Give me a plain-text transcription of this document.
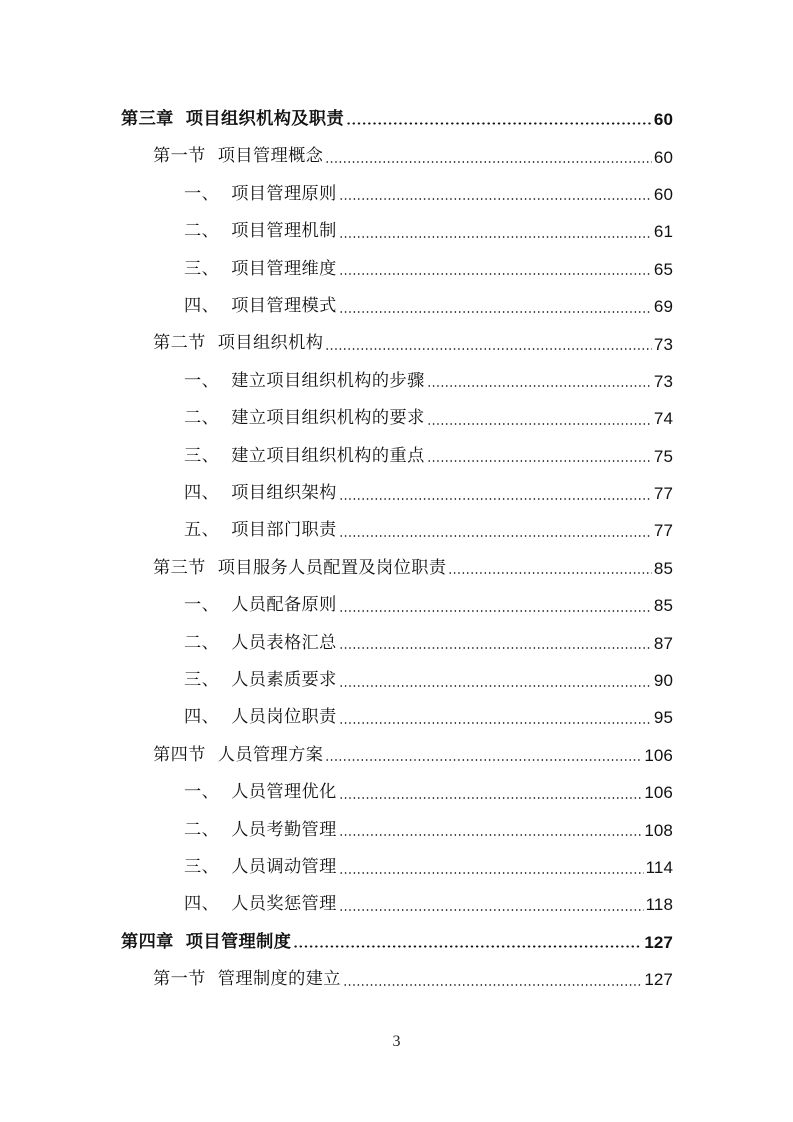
第三章 项目组织机构及职责	60
第一节 项目管理概念	60
一、 项目管理原则	60
二、 项目管理机制	61
三、 项目管理维度	65
四、 项目管理模式	69
第二节 项目组织机构	73
一、 建立项目组织机构的步骤	73
二、 建立项目组织机构的要求	74
三、 建立项目组织机构的重点	75
四、 项目组织架构	77
五、 项目部门职责	77
第三节 项目服务人员配置及岗位职责	85
一、 人员配备原则	85
二、 人员表格汇总	87
三、 人员素质要求	90
四、 人员岗位职责	95
第四节 人员管理方案	106
一、 人员管理优化	106
二、 人员考勤管理	108
三、 人员调动管理	114
四、 人员奖惩管理	118
第四章 项目管理制度	127
第一节 管理制度的建立	127
3
